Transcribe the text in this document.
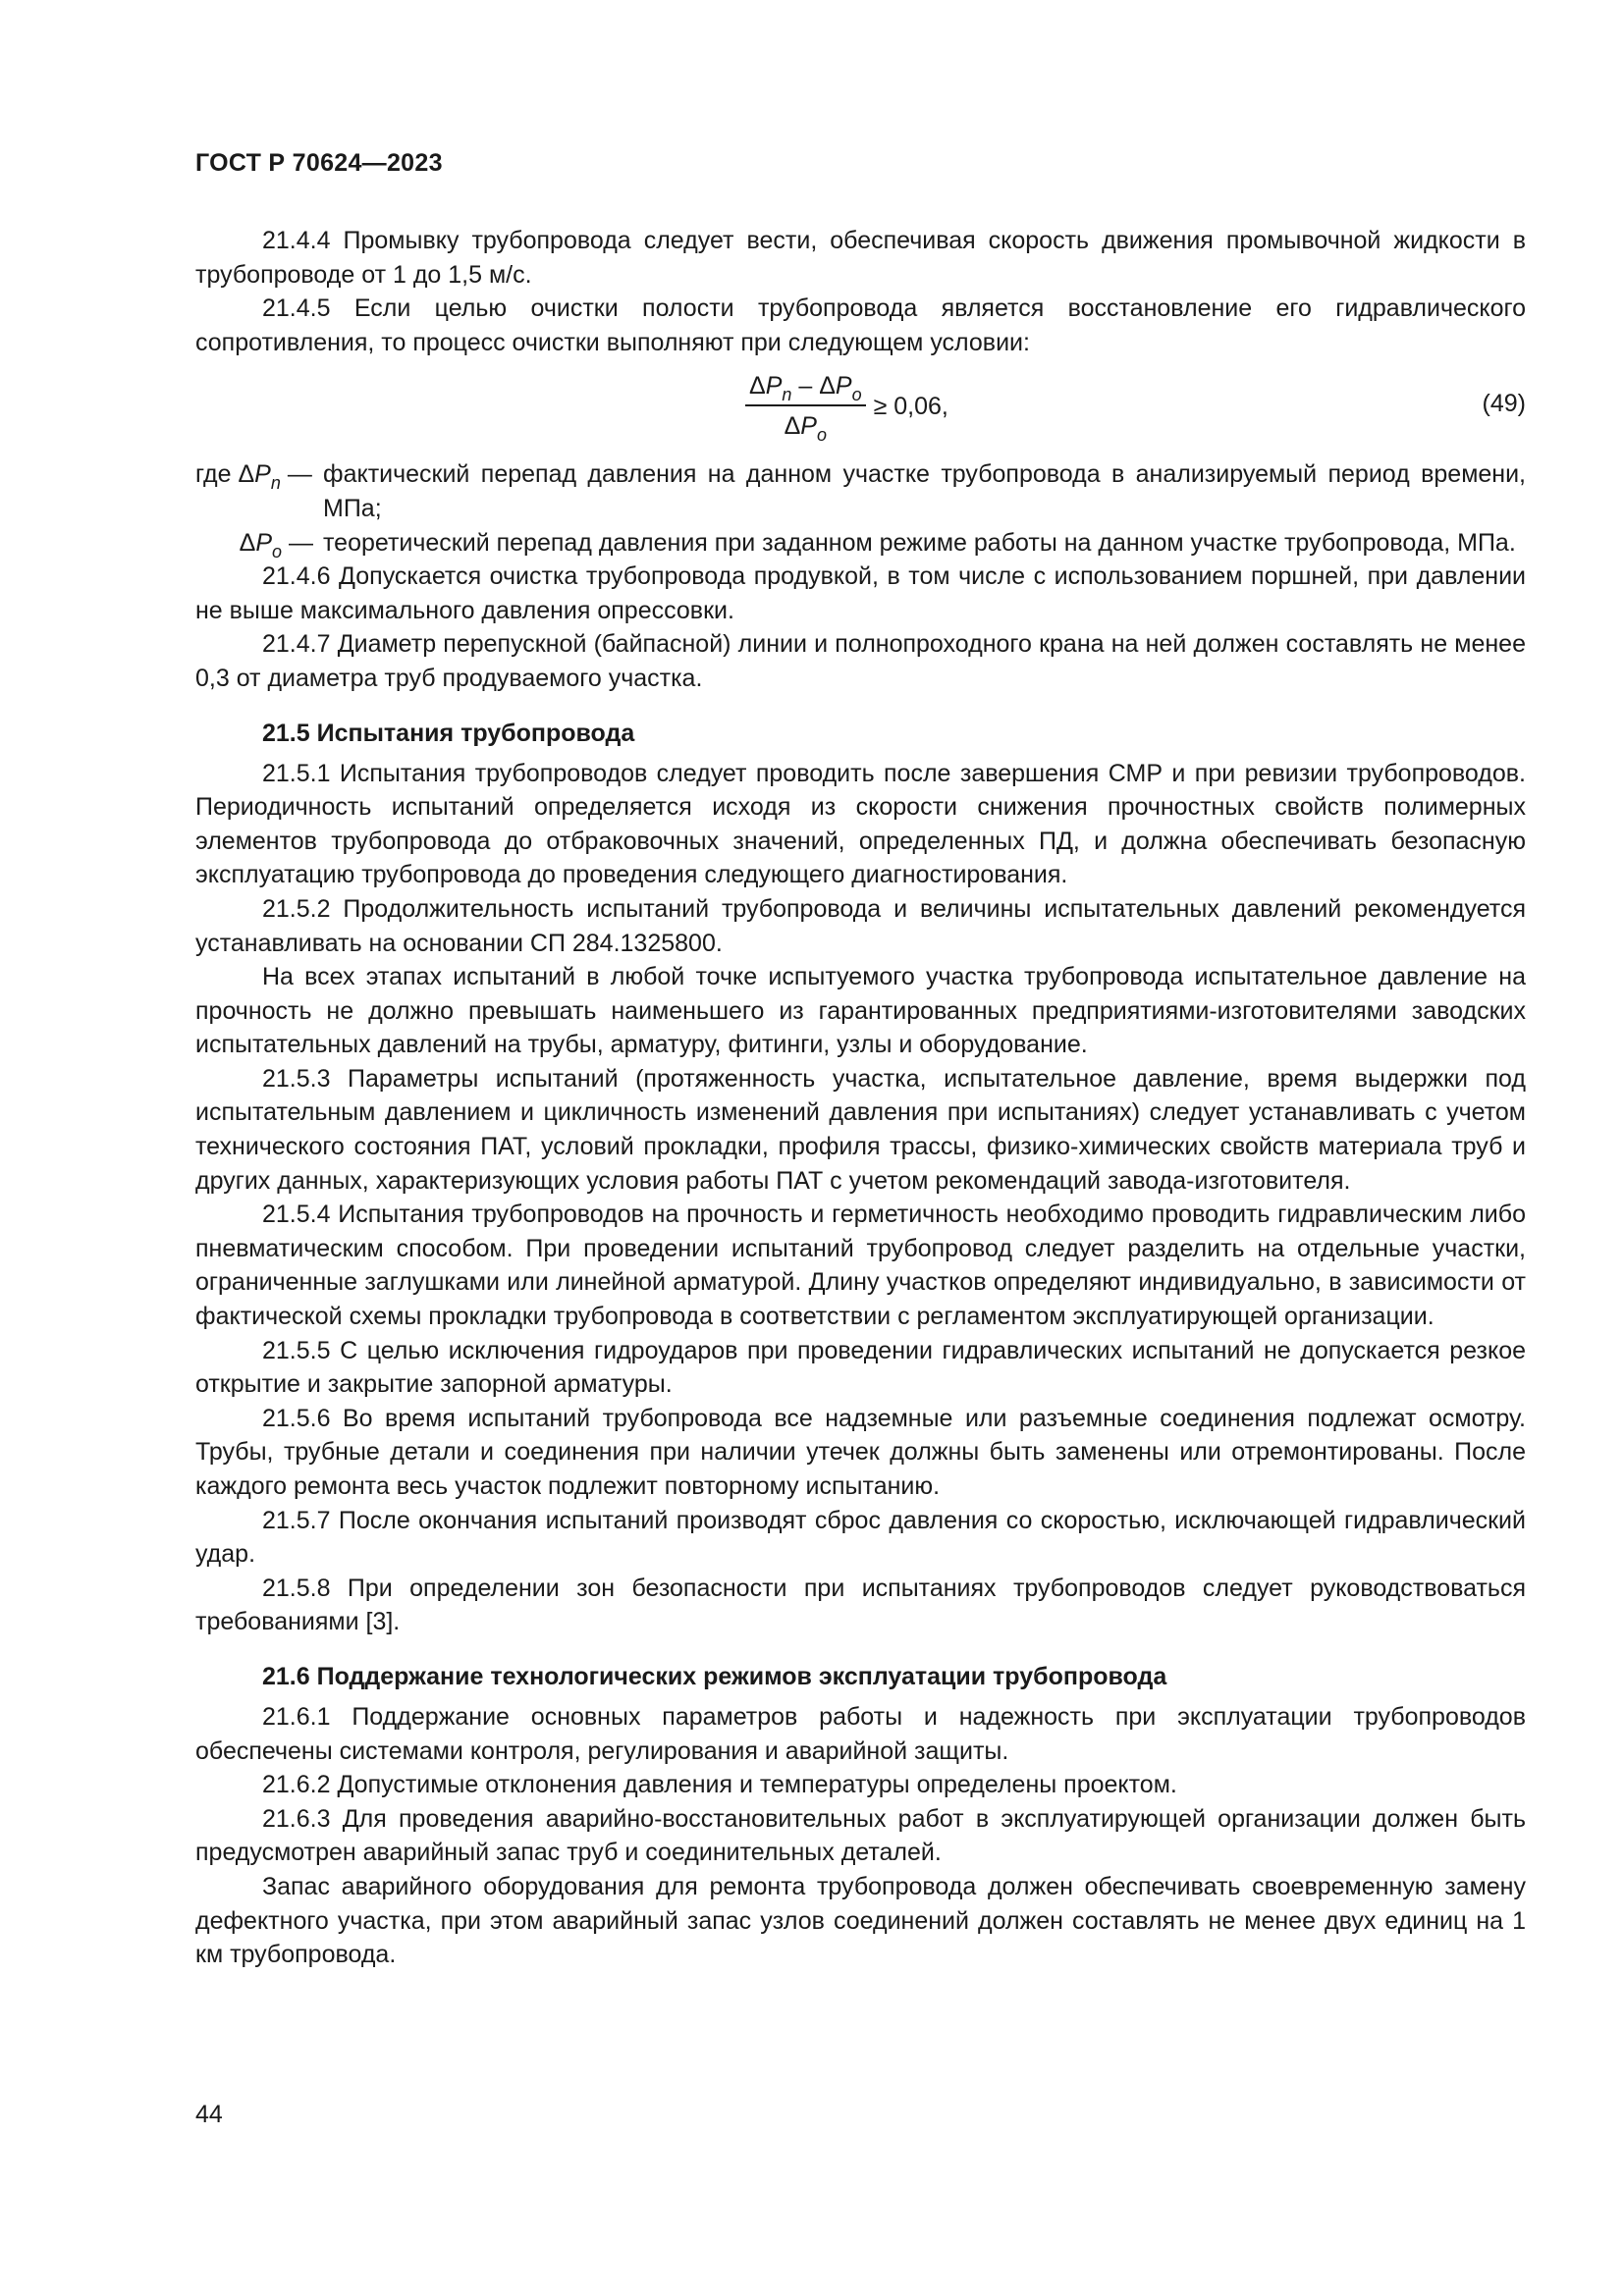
ГОСТ Р 70624—2023

21.4.4 Промывку трубопровода следует вести, обеспечивая скорость движения промывочной жидкости в трубопроводе от 1 до 1,5 м/с.

21.4.5 Если целью очистки полости трубопровода является восстановление его гидравлического сопротивления, то процесс очистки выполняют при следующем условии:

$\frac{\Delta P_n - \Delta P_o}{\Delta P_o} \ge 0,06$,	(49)
где $\Delta P_n$ — фактический перепад давления на данном участке трубопровода в анализируемый период времени, МПа;
$\Delta P_o$ — теоретический перепад давления при заданном режиме работы на данном участке трубопровода, МПа.

21.4.6 Допускается очистка трубопровода продувкой, в том числе с использованием поршней, при давлении не выше максимального давления опрессовки.

21.4.7 Диаметр перепускной (байпасной) линии и полнопроходного крана на ней должен составлять не менее 0,3 от диаметра труб продуваемого участка.

21.5 Испытания трубопровода

21.5.1 Испытания трубопроводов следует проводить после завершения СМР и при ревизии трубопроводов. Периодичность испытаний определяется исходя из скорости снижения прочностных свойств полимерных элементов трубопровода до отбраковочных значений, определенных ПД, и должна обеспечивать безопасную эксплуатацию трубопровода до проведения следующего диагностирования.

21.5.2 Продолжительность испытаний трубопровода и величины испытательных давлений рекомендуется устанавливать на основании СП 284.1325800.

На всех этапах испытаний в любой точке испытуемого участка трубопровода испытательное давление на прочность не должно превышать наименьшего из гарантированных предприятиями-изготовителями заводских испытательных давлений на трубы, арматуру, фитинги, узлы и оборудование.

21.5.3 Параметры испытаний (протяженность участка, испытательное давление, время выдержки под испытательным давлением и цикличность изменений давления при испытаниях) следует устанавливать с учетом технического состояния ПАТ, условий прокладки, профиля трассы, физико-химических свойств материала труб и других данных, характеризующих условия работы ПАТ с учетом рекомендаций завода-изготовителя.

21.5.4 Испытания трубопроводов на прочность и герметичность необходимо проводить гидравлическим либо пневматическим способом. При проведении испытаний трубопровод следует разделить на отдельные участки, ограниченные заглушками или линейной арматурой. Длину участков определяют индивидуально, в зависимости от фактической схемы прокладки трубопровода в соответствии с регламентом эксплуатирующей организации.

21.5.5 С целью исключения гидроударов при проведении гидравлических испытаний не допускается резкое открытие и закрытие запорной арматуры.

21.5.6 Во время испытаний трубопровода все надземные или разъемные соединения подлежат осмотру. Трубы, трубные детали и соединения при наличии утечек должны быть заменены или отремонтированы. После каждого ремонта весь участок подлежит повторному испытанию.

21.5.7 После окончания испытаний производят сброс давления со скоростью, исключающей гидравлический удар.

21.5.8 При определении зон безопасности при испытаниях трубопроводов следует руководствоваться требованиями [3].

21.6 Поддержание технологических режимов эксплуатации трубопровода

21.6.1 Поддержание основных параметров работы и надежность при эксплуатации трубопроводов обеспечены системами контроля, регулирования и аварийной защиты.

21.6.2 Допустимые отклонения давления и температуры определены проектом.

21.6.3 Для проведения аварийно-восстановительных работ в эксплуатирующей организации должен быть предусмотрен аварийный запас труб и соединительных деталей.

Запас аварийного оборудования для ремонта трубопровода должен обеспечивать своевременную замену дефектного участка, при этом аварийный запас узлов соединений должен составлять не менее двух единиц на 1 км трубопровода.

44
